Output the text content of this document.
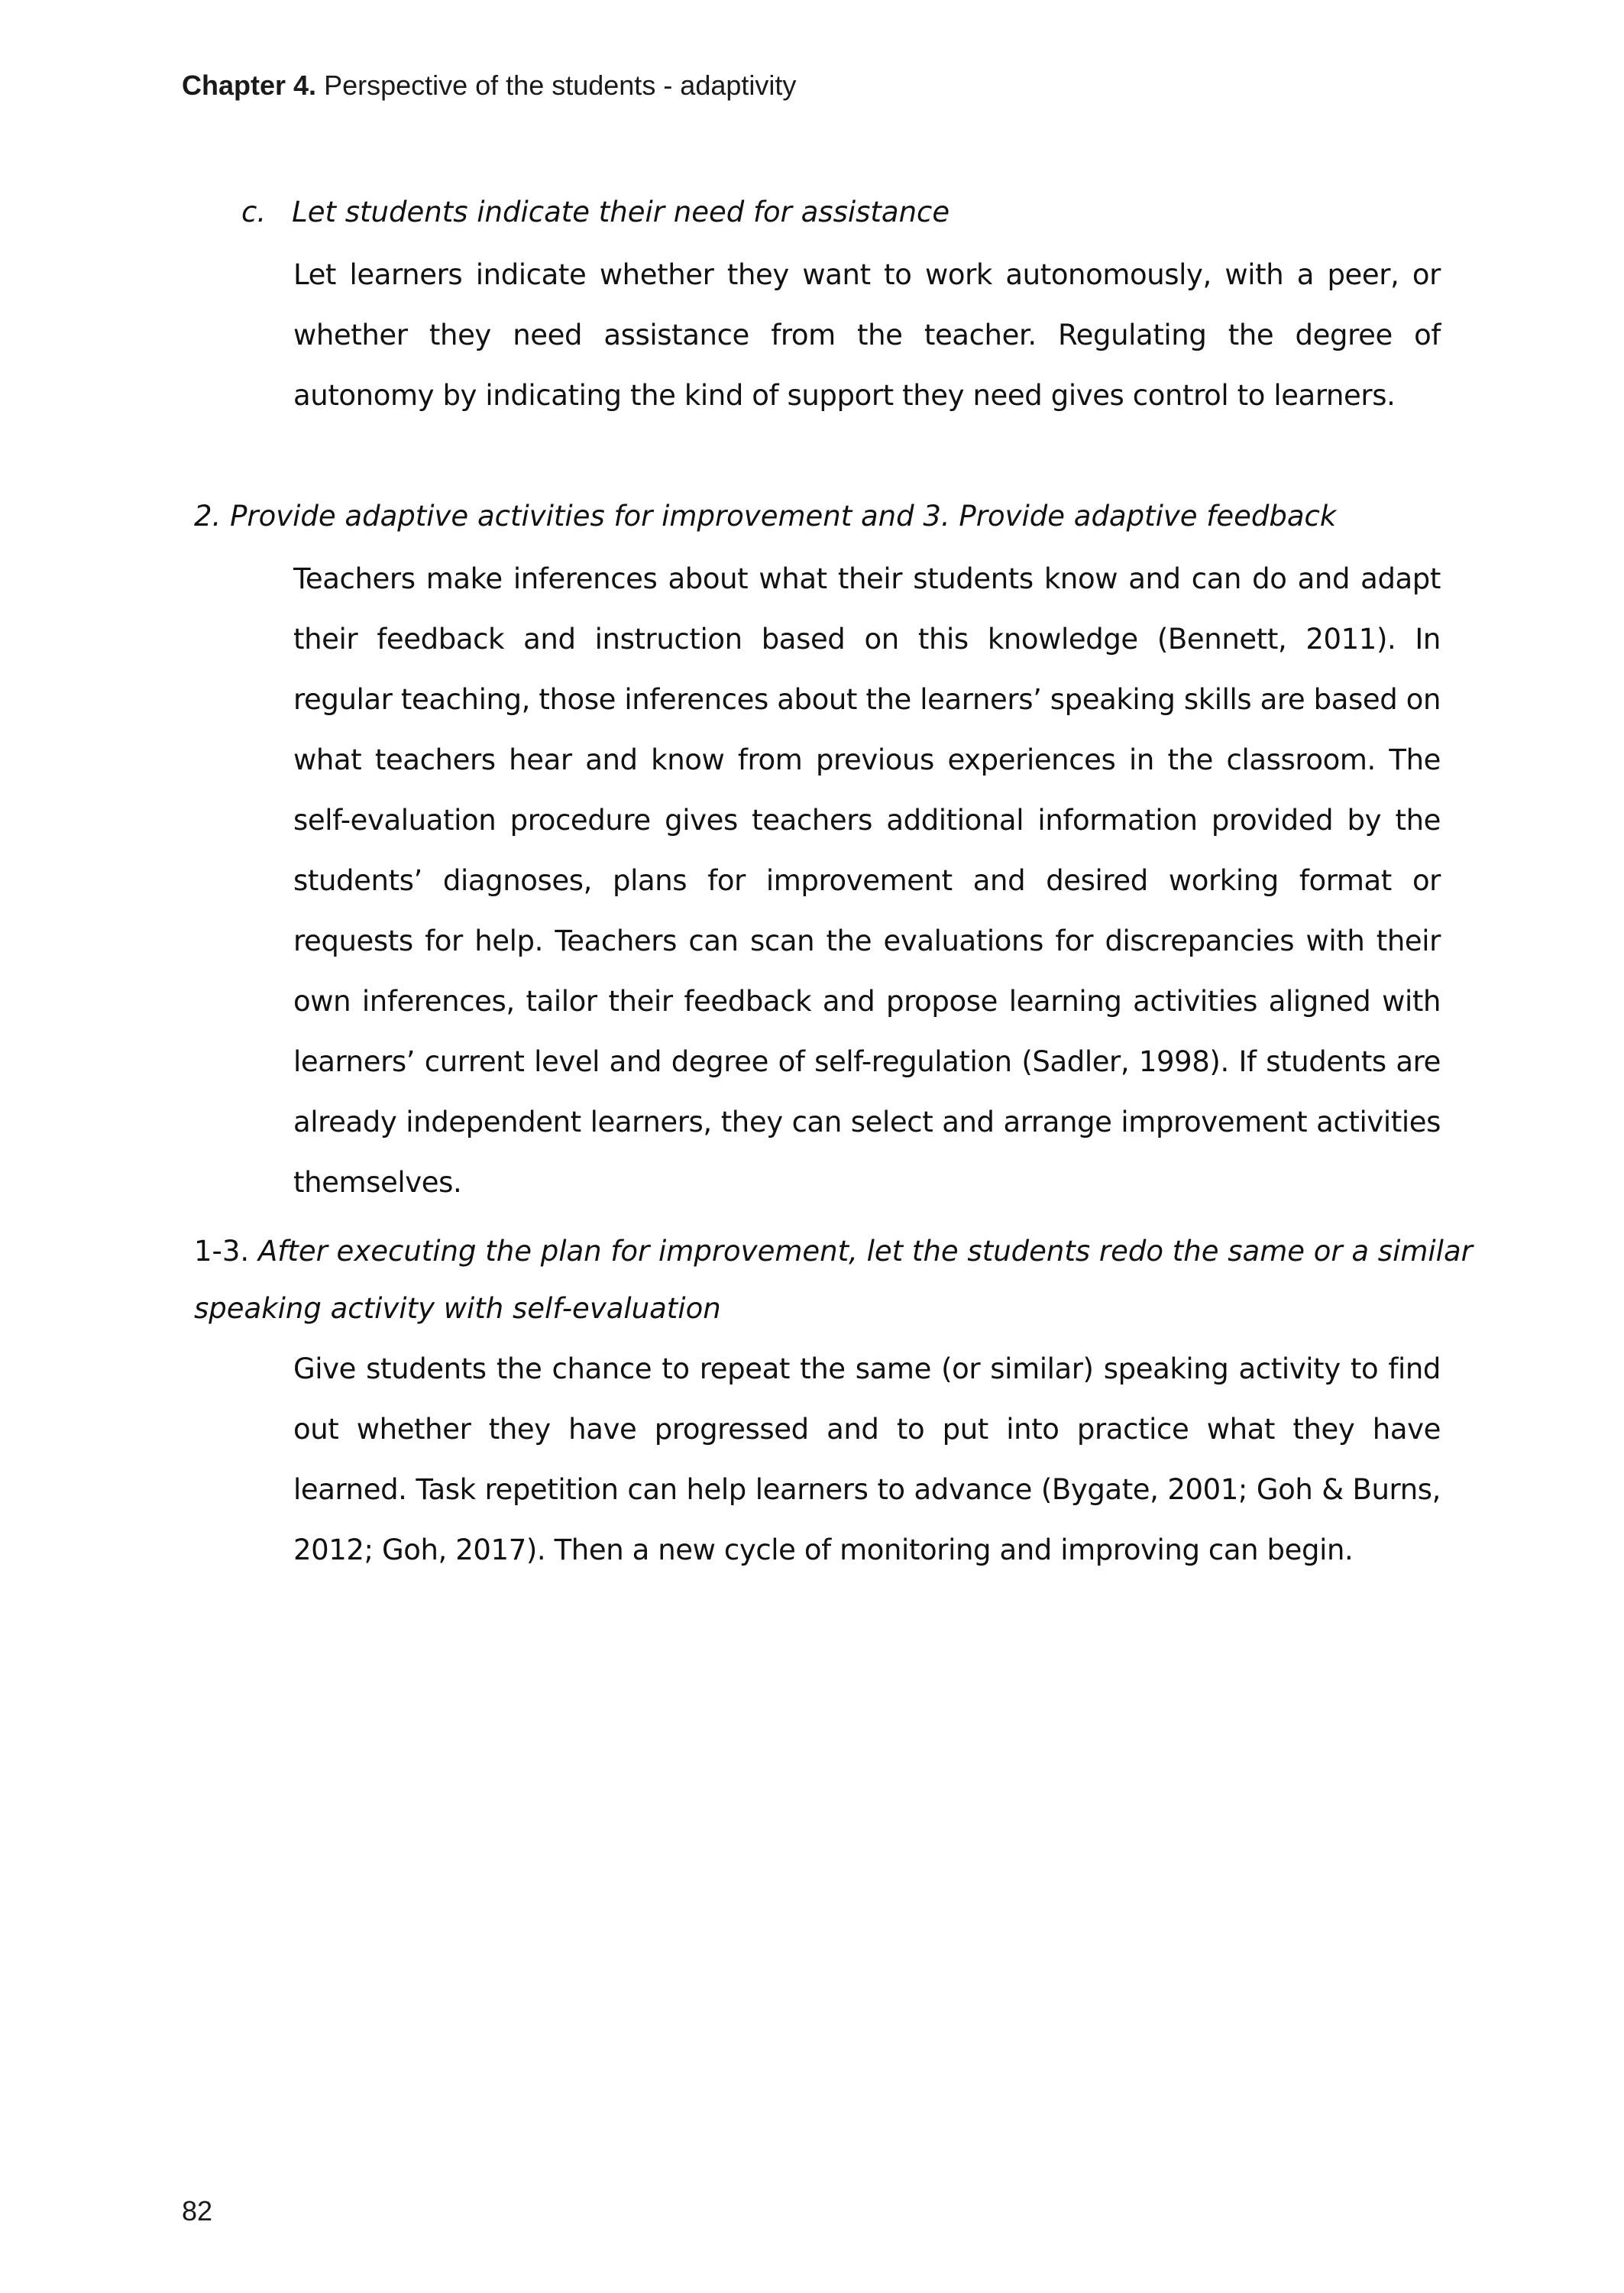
Chapter 4. Perspective of the students - adaptivity

c. Let students indicate their need for assistance

Let learners indicate whether they want to work autonomously, with a peer, or whether they need assistance from the teacher. Regulating the degree of autonomy by indicating the kind of support they need gives control to learners.

2. Provide adaptive activities for improvement and 3. Provide adaptive feedback

Teachers make inferences about what their students know and can do and adapt their feedback and instruction based on this knowledge (Bennett, 2011). In regular teaching, those inferences about the learners’ speaking skills are based on what teachers hear and know from previous experiences in the classroom. The self-evaluation procedure gives teachers additional information provided by the students’ diagnoses, plans for improvement and desired working format or requests for help. Teachers can scan the evaluations for discrepancies with their own inferences, tailor their feedback and propose learning activities aligned with learners’ current level and degree of self-regulation (Sadler, 1998). If students are already independent learners, they can select and arrange improvement activities themselves.

1-3. After executing the plan for improvement, let the students redo the same or a similar

speaking activity with self-evaluation

Give students the chance to repeat the same (or similar) speaking activity to find out whether they have progressed and to put into practice what they have learned. Task repetition can help learners to advance (Bygate, 2001; Goh & Burns, 2012; Goh, 2017). Then a new cycle of monitoring and improving can begin.

82
